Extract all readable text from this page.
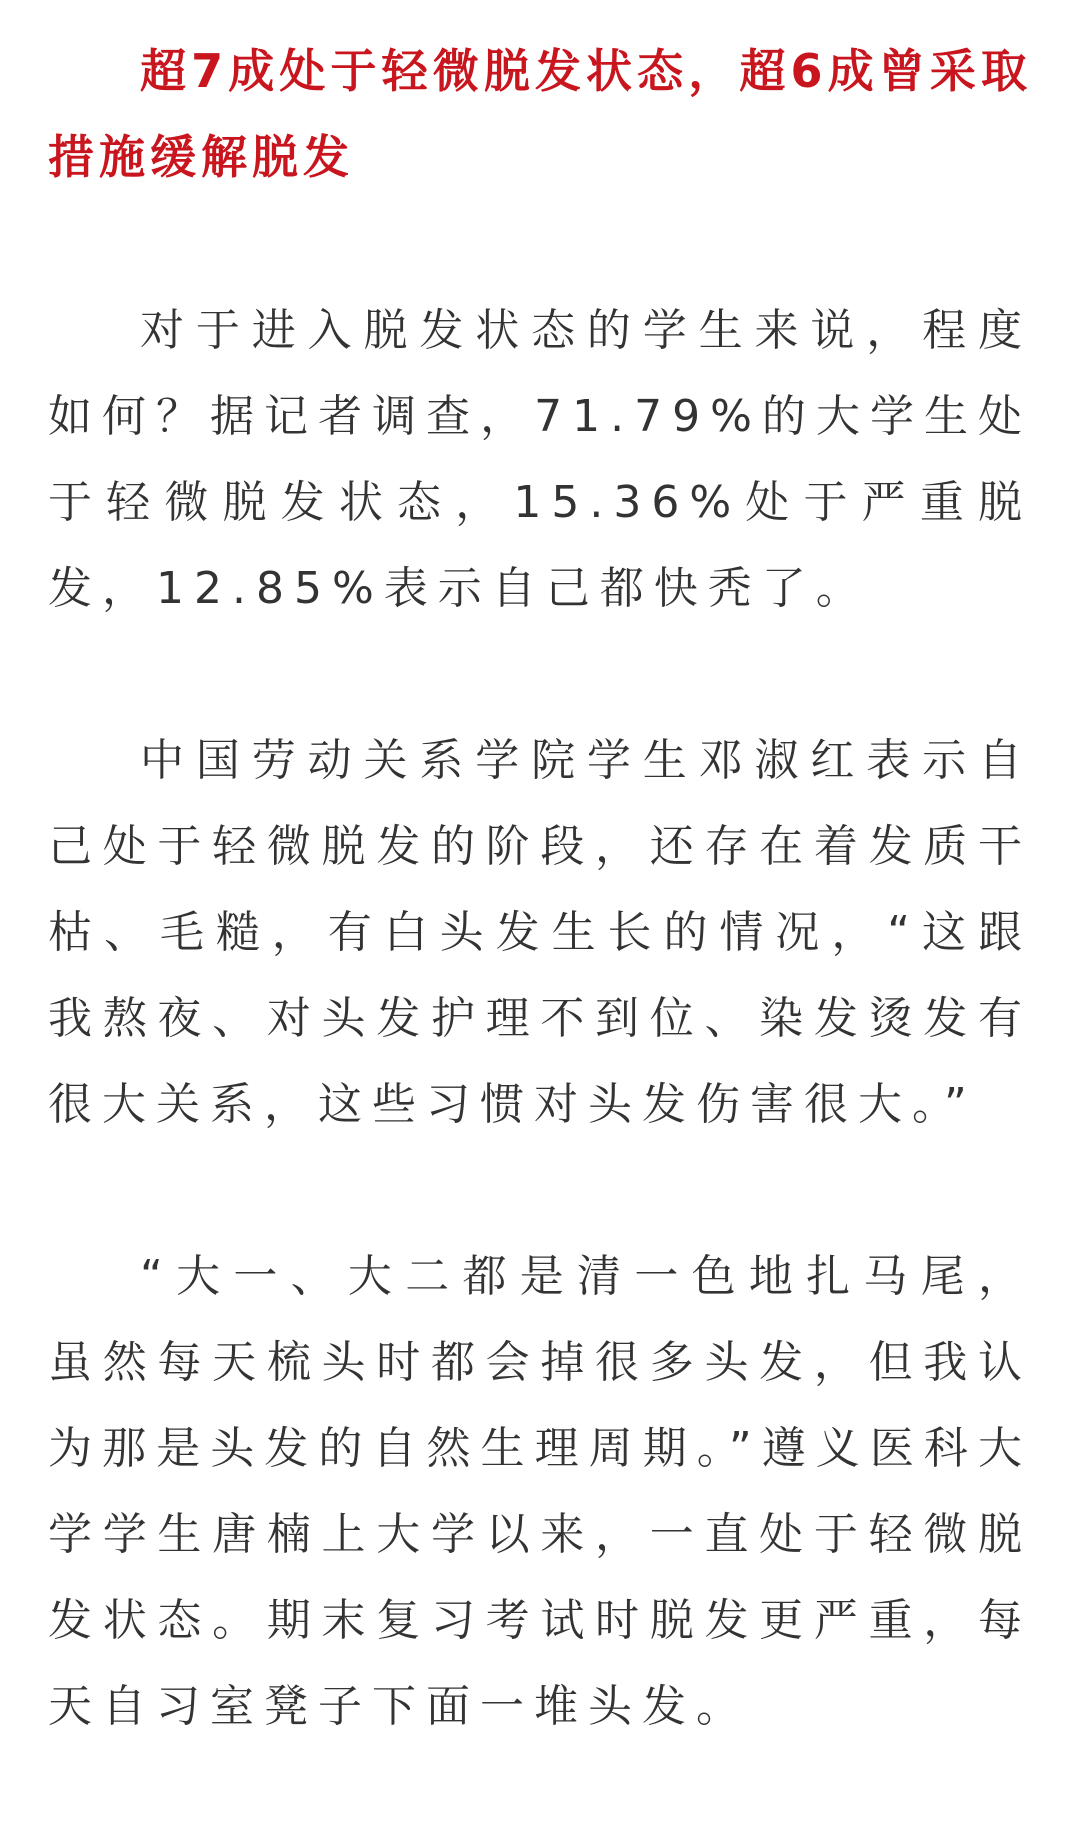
超7成处于轻微脱发状态，超6成曾采取措施缓解脱发

对于进入脱发状态的学生来说，程度如何？据记者调查，71.79%的大学生处于轻微脱发状态，15.36%处于严重脱发，12.85%表示自己都快秃了。

中国劳动关系学院学生邓淑红表示自己处于轻微脱发的阶段，还存在着发质干枯、毛糙，有白头发生长的情况，“这跟我熬夜、对头发护理不到位、染发烫发有很大关系，这些习惯对头发伤害很大。”

“大一、大二都是清一色地扎马尾，虽然每天梳头时都会掉很多头发，但我认为那是头发的自然生理周期。”遵义医科大学学生唐楠上大学以来，一直处于轻微脱发状态。期末复习考试时脱发更严重，每天自习室凳子下面一堆头发。
